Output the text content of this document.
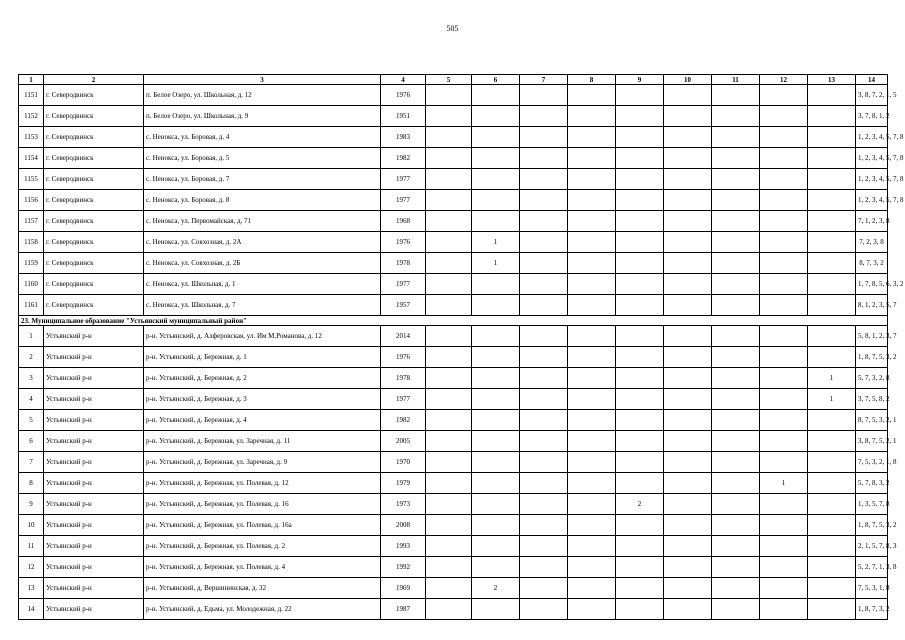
505
1	2	3	4	5	6	7	8	9	10	11	12	13	14
1151	г. Северодвинск	п. Белое Озеро, ул. Школьная, д. 12	1976										3, 8, 7, 2, 1, 5
1152	г. Северодвинск	п. Белое Озеро, ул. Школьная, д. 9	1951										3, 7, 8, 1, 2
1153	г. Северодвинск	с. Ненокса, ул. Боровая, д. 4	1983										1, 2, 3, 4, 5, 7, 8
1154	г. Северодвинск	с. Ненокса, ул. Боровая, д. 5	1982										1, 2, 3, 4, 5, 7, 8
1155	г. Северодвинск	с. Ненокса, ул. Боровая, д. 7	1977										1, 2, 3, 4, 5, 7, 8
1156	г. Северодвинск	с. Ненокса, ул. Боровая, д. 8	1977										1, 2, 3, 4, 5, 7, 8
1157	г. Северодвинск	с. Ненокса, ул. Первомайская, д. 71	1968										7, 1, 2, 3, 8
1158	г. Северодвинск	с. Ненокса, ул. Совхозная, д. 2А	1976		1								7, 2, 3, 8
1159	г. Северодвинск	с. Ненокса, ул. Совхозная, д. 2Б	1978		1								8, 7, 3, 2
1160	г. Северодвинск	с. Ненокса, ул. Школьная, д. 1	1977										1, 7, 8, 5, 6, 3, 2
1161	г. Северодвинск	с. Ненокса, ул. Школьная, д. 7	1957										8, 1, 2, 3, 5, 7
23. Муниципальное образование "Устьянский муниципальный район"													
1	Устьянский р-н	р-н. Устьянский, д. Алферовская, ул. Им М.Романова, д. 12	2014										5, 8, 1, 2, 3, 7
2	Устьянский р-н	р-н. Устьянский, д. Бережная, д. 1	1976										1, 8, 7, 5, 3, 2
3	Устьянский р-н	р-н. Устьянский, д. Бережная, д. 2	1978									1	5, 7, 3, 2, 8
4	Устьянский р-н	р-н. Устьянский, д. Бережная, д. 3	1977									1	3, 7, 5, 8, 2
5	Устьянский р-н	р-н. Устьянский, д. Бережная, д. 4	1982										8, 7, 5, 3, 2, 1
6	Устьянский р-н	р-н. Устьянский, д. Бережная, ул. Заречная, д. 11	2005										3, 8, 7, 5, 2, 1
7	Устьянский р-н	р-н. Устьянский, д. Бережная, ул. Заречная, д. 9	1970										7, 5, 3, 2, 1, 8
8	Устьянский р-н	р-н. Устьянский, д. Бережная, ул. Полевая, д. 12	1979								1		5, 7, 8, 3, 2
9	Устьянский р-н	р-н. Устьянский, д. Бережная, ул. Полевая, д. 16	1973					2					1, 3, 5, 7, 8
10	Устьянский р-н	р-н. Устьянский, д. Бережная, ул. Полевая, д. 16а	2008										1, 8, 7, 5, 3, 2
11	Устьянский р-н	р-н. Устьянский, д. Бережная, ул. Полевая, д. 2	1993										2, 1, 5, 7, 8, 3
12	Устьянский р-н	р-н. Устьянский, д. Бережная, ул. Полевая, д. 4	1992										5, 2, 7, 1, 3, 8
13	Устьянский р-н	р-н. Устьянский, д. Вершининская, д. 32	1969		2								7, 5, 3, 1, 8
14	Устьянский р-н	р-н. Устьянский, д. Едьма, ул. Молодежная, д. 22	1987										1, 8, 7, 3, 2
